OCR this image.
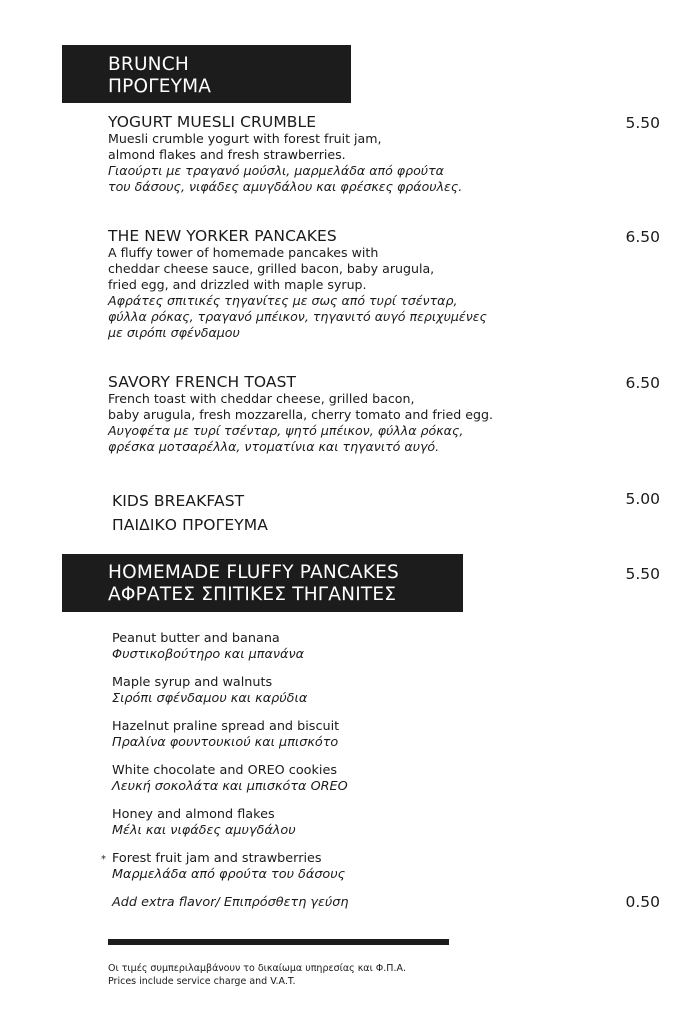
BRUNCH
ΠΡΟΓΕΥΜΑ
YOGURT MUESLI CRUMBLE
Muesli crumble yogurt with forest fruit jam,
almond flakes and fresh strawberries.
Γιαούρτι με τραγανό μούσλι, μαρμελάδα από φρούτα
του δάσους, νιφάδες αμυγδάλου και φρέσκες φράουλες.
5.50
THE NEW YORKER PANCAKES
A fluffy tower of homemade pancakes with
cheddar cheese sauce, grilled bacon, baby arugula,
fried egg, and drizzled with maple syrup.
Αφράτες σπιτικές τηγανίτες με σως από τυρί τσένταρ,
φύλλα ρόκας, τραγανό μπέικον, τηγανιτό αυγό περιχυμένες
με σιρόπι σφένδαμου
6.50
SAVORY FRENCH TOAST
French toast with cheddar cheese, grilled bacon,
baby arugula, fresh mozzarella, cherry tomato and fried egg.
Αυγοφέτα με τυρί τσένταρ, ψητό μπέικον, φύλλα ρόκας,
φρέσκα μοτσαρέλλα, ντοματίνια και τηγανιτό αυγό.
6.50
KIDS BREAKFAST
ΠΑΙΔΙΚΟ ΠΡΟΓΕΥΜΑ
5.00
HOMEMADE FLUFFY PANCAKES
ΑΦΡΑΤΕΣ ΣΠΙΤΙΚΕΣ ΤΗΓΑΝΙΤΕΣ
5.50
Peanut butter and banana
Φυστικοβούτηρο και μπανάνα
Maple syrup and walnuts
Σιρόπι σφένδαμου και καρύδια
Hazelnut praline spread and biscuit
Πραλίνα φουντουκιού και μπισκότο
White chocolate and OREO cookies
Λευκή σοκολάτα και μπισκότα OREO
Honey and almond flakes
Μέλι και νιφάδες αμυγδάλου
* Forest fruit jam and strawberries
Μαρμελάδα από φρούτα του δάσους
Add extra flavor/ Επιπρόσθετη γεύση	0.50
Οι τιμές συμπεριλαμβάνουν το δικαίωμα υπηρεσίας και Φ.Π.Α.
Prices include service charge and V.A.T.
